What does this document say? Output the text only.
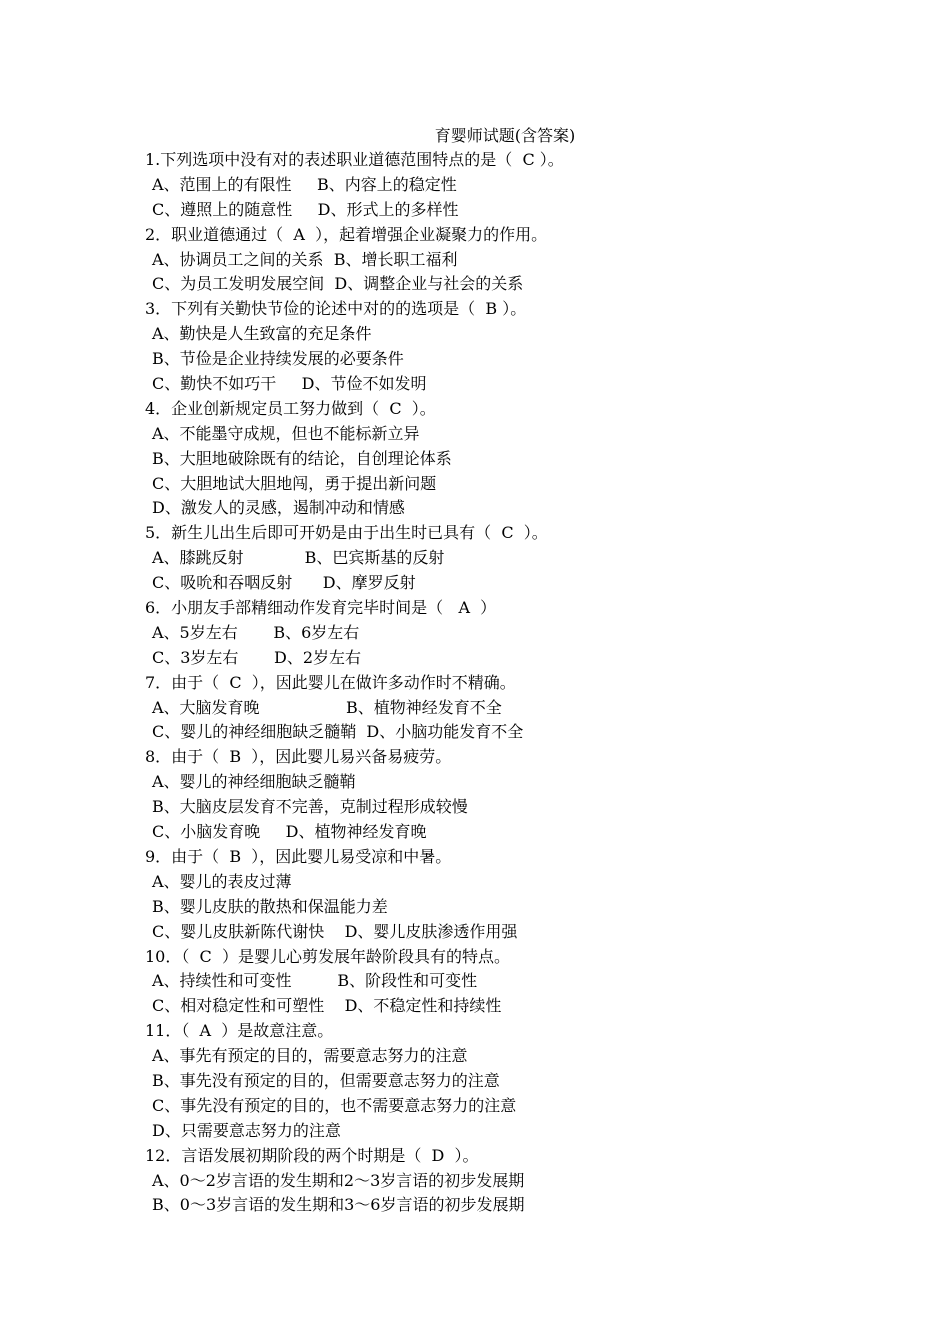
育婴师试题(含答案)
1.下列选项中没有对的表述职业道德范围特点的是（  C ）。
A、范围上的有限性     B、内容上的稳定性
C、遵照上的随意性     D、形式上的多样性
2．职业道德通过（  A  ），起着增强企业凝聚力的作用。
A、协调员工之间的关系  B、增长职工福利
C、为员工发明发展空间  D、调整企业与社会的关系
3．下列有关勤快节俭的论述中对的的选项是（  B ）。
A、勤快是人生致富的充足条件
B、节俭是企业持续发展的必要条件
C、勤快不如巧干     D、节俭不如发明
4．企业创新规定员工努力做到（  C  ）。
A、不能墨守成规，但也不能标新立异
B、大胆地破除既有的结论，自创理论体系
C、大胆地试大胆地闯，勇于提出新问题
D、激发人的灵感，遏制冲动和情感
5．新生儿出生后即可开奶是由于出生时已具有（  C  ）。
A、膝跳反射            B、巴宾斯基的反射
C、吸吮和吞咽反射      D、摩罗反射
6．小朋友手部精细动作发育完毕时间是（   A  ）
A、5岁左右       B、6岁左右
C、3岁左右       D、2岁左右
7．由于（  C  ），因此婴儿在做许多动作时不精确。
A、大脑发育晚                 B、植物神经发育不全
C、婴儿的神经细胞缺乏髓鞘  D、小脑功能发育不全
8．由于（  B  ），因此婴儿易兴备易疲劳。
A、婴儿的神经细胞缺乏髓鞘
B、大脑皮层发育不完善，克制过程形成较慢
C、小脑发育晚     D、植物神经发育晚
9．由于（  B  ），因此婴儿易受凉和中暑。
A、婴儿的表皮过薄
B、婴儿皮肤的散热和保温能力差
C、婴儿皮肤新陈代谢快    D、婴儿皮肤渗透作用强
10．（  C  ）是婴儿心剪发展年龄阶段具有的特点。
A、持续性和可变性         B、阶段性和可变性
C、相对稳定性和可塑性    D、不稳定性和持续性
11．（  A  ）是故意注意。
A、事先有预定的目的，需要意志努力的注意
B、事先没有预定的目的，但需要意志努力的注意
C、事先没有预定的目的，也不需要意志努力的注意
D、只需要意志努力的注意
12．言语发展初期阶段的两个时期是（  D  ）。
A、0～2岁言语的发生期和2～3岁言语的初步发展期
B、0～3岁言语的发生期和3～6岁言语的初步发展期
